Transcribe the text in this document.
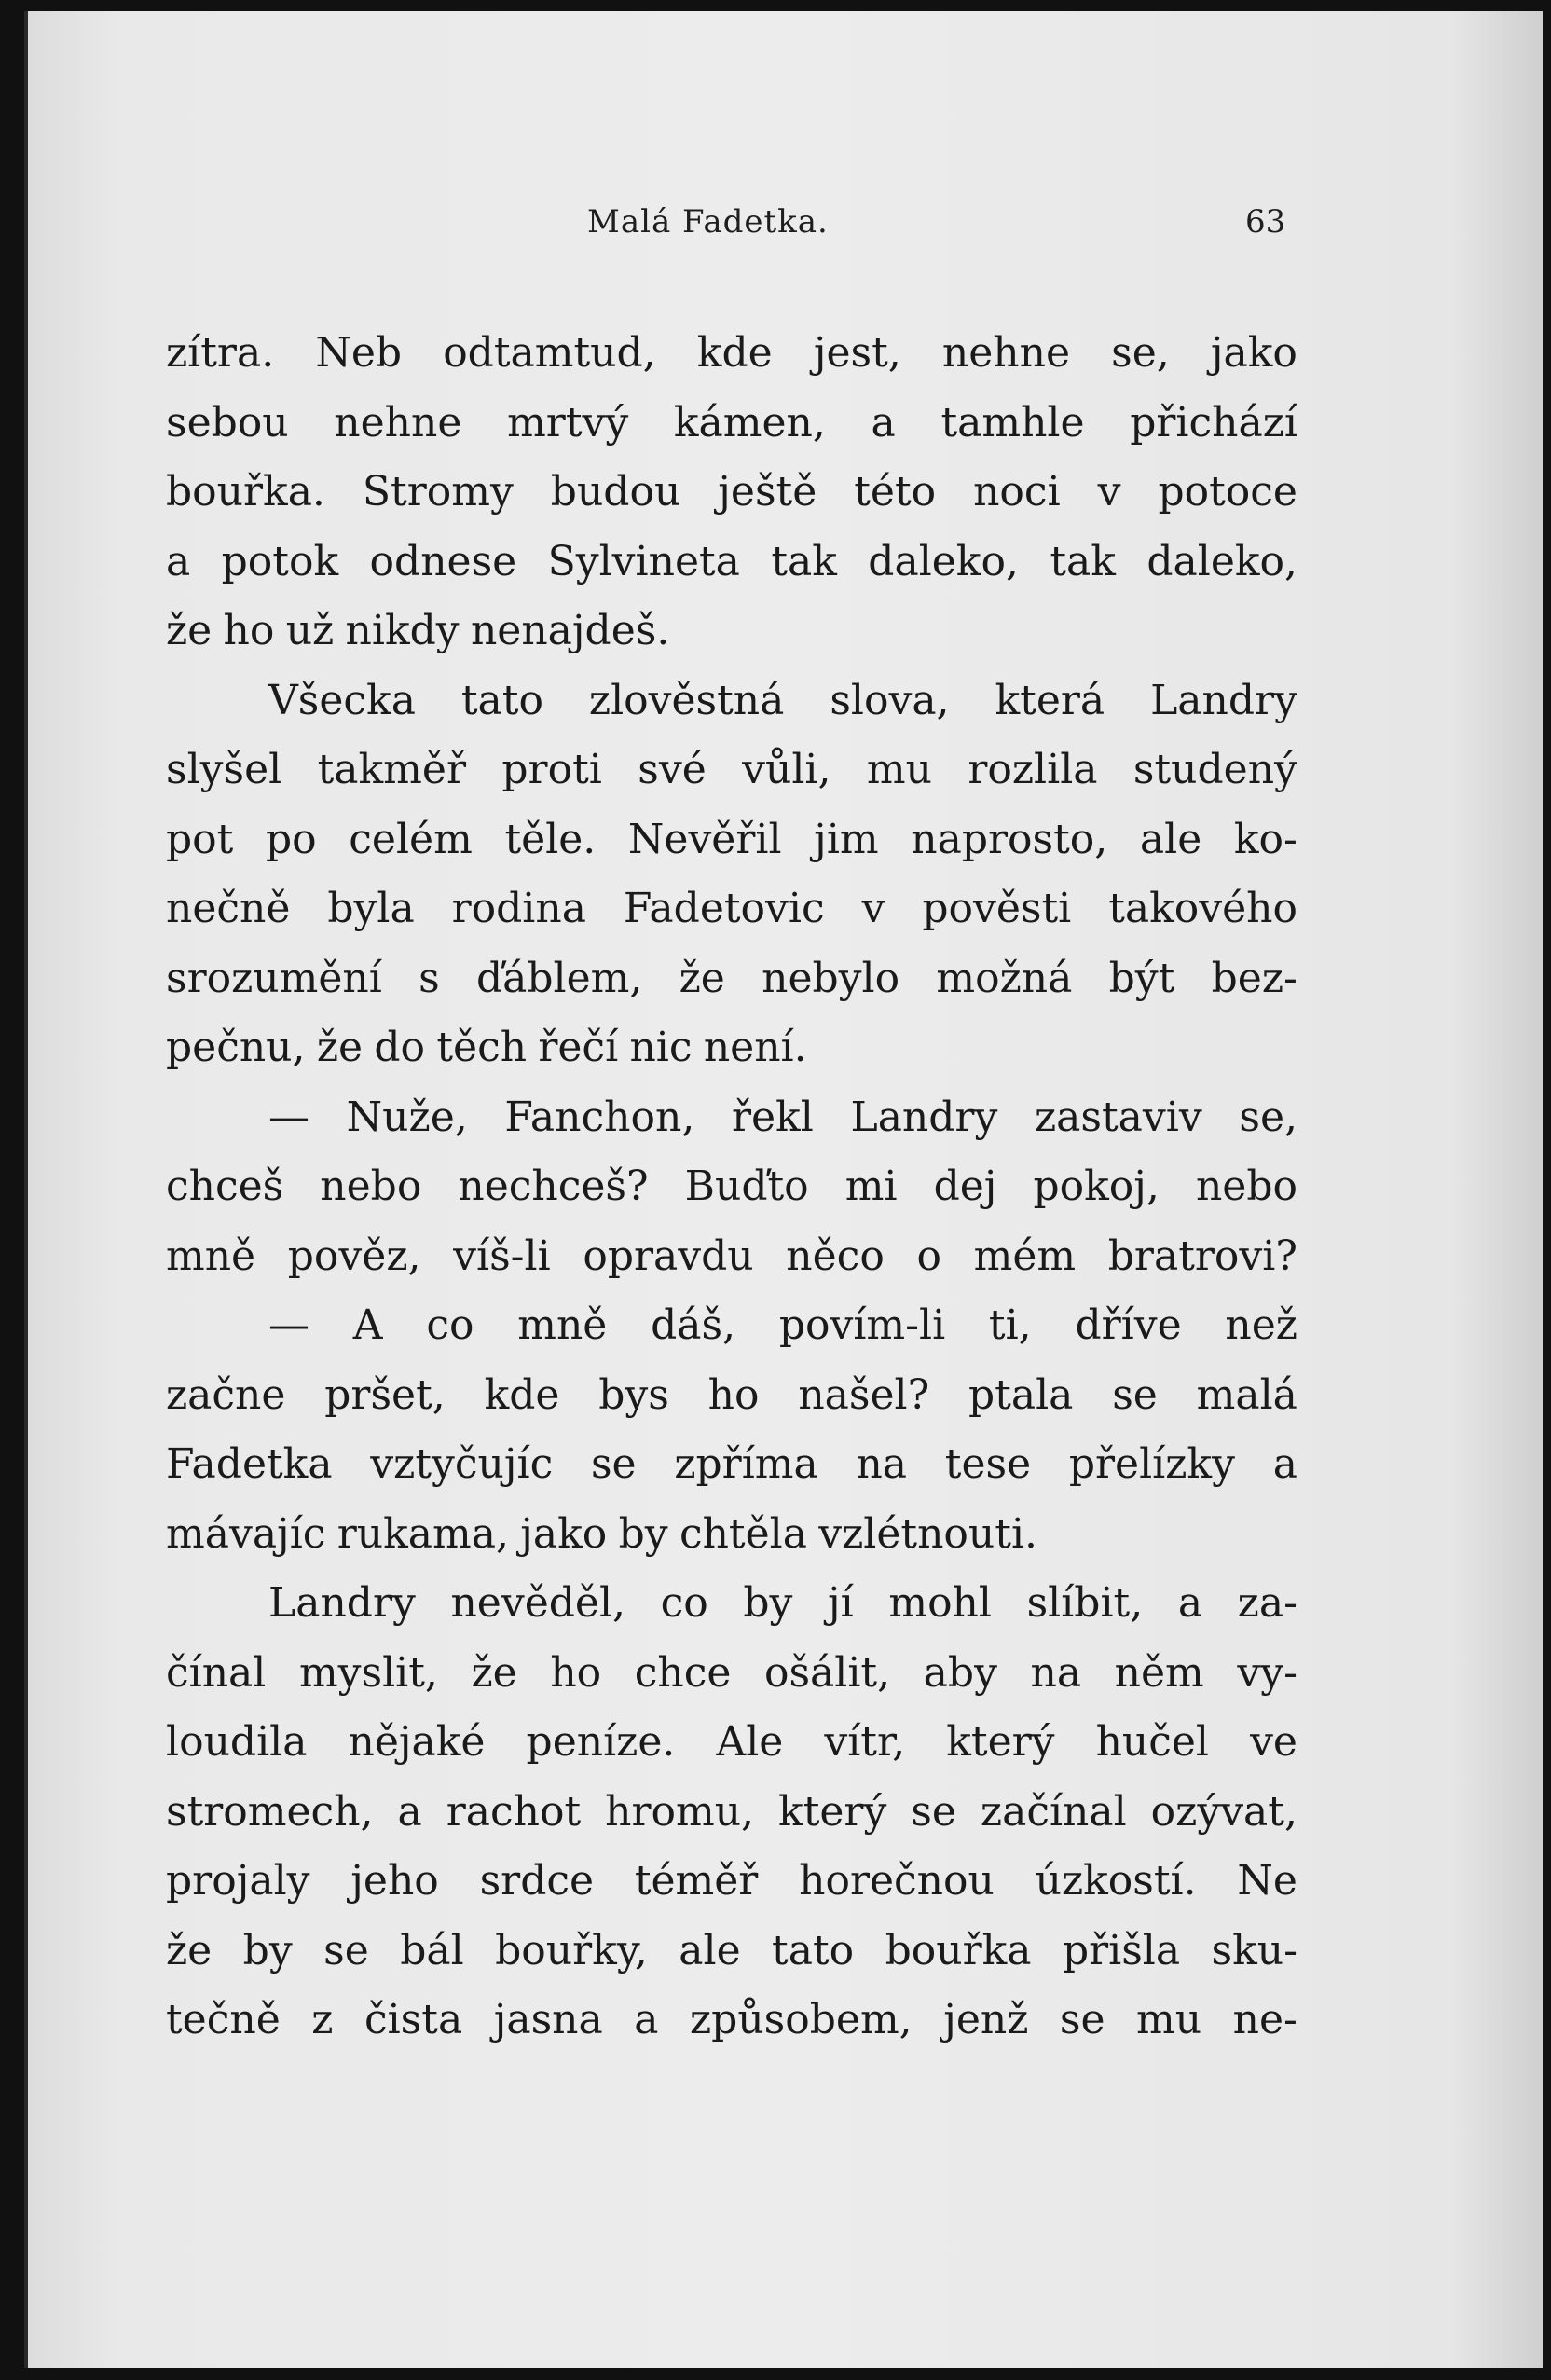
Malá Fadetka.	63
zítra. Neb odtamtud, kde jest, nehne se, jako
sebou nehne mrtvý kámen, a tamhle přichází
bouřka. Stromy budou ještě této noci v potoce
a potok odnese Sylvineta tak daleko, tak daleko,
že ho už nikdy nenajdeš.
Všecka tato zlověstná slova, která Landry
slyšel takměř proti své vůli, mu rozlila studený
pot po celém těle. Nevěřil jim naprosto, ale ko-
nečně byla rodina Fadetovic v pověsti takového
srozumění s ďáblem, že nebylo možná být bez-
pečnu, že do těch řečí nic není.
— Nuže, Fanchon, řekl Landry zastaviv se,
chceš nebo nechceš? Buďto mi dej pokoj, nebo
mně pověz, víš-li opravdu něco o mém bratrovi?
— A co mně dáš, povím-li ti, dříve než
začne pršet, kde bys ho našel? ptala se malá
Fadetka vztyčujíc se zpříma na tese přelízky a
mávajíc rukama, jako by chtěla vzlétnouti.
Landry nevěděl, co by jí mohl slíbit, a za-
čínal myslit, že ho chce ošálit, aby na něm vy-
loudila nějaké peníze. Ale vítr, který hučel ve
stromech, a rachot hromu, který se začínal ozývat,
projaly jeho srdce téměř horečnou úzkostí. Ne
že by se bál bouřky, ale tato bouřka přišla sku-
tečně z čista jasna a způsobem, jenž se mu ne-
